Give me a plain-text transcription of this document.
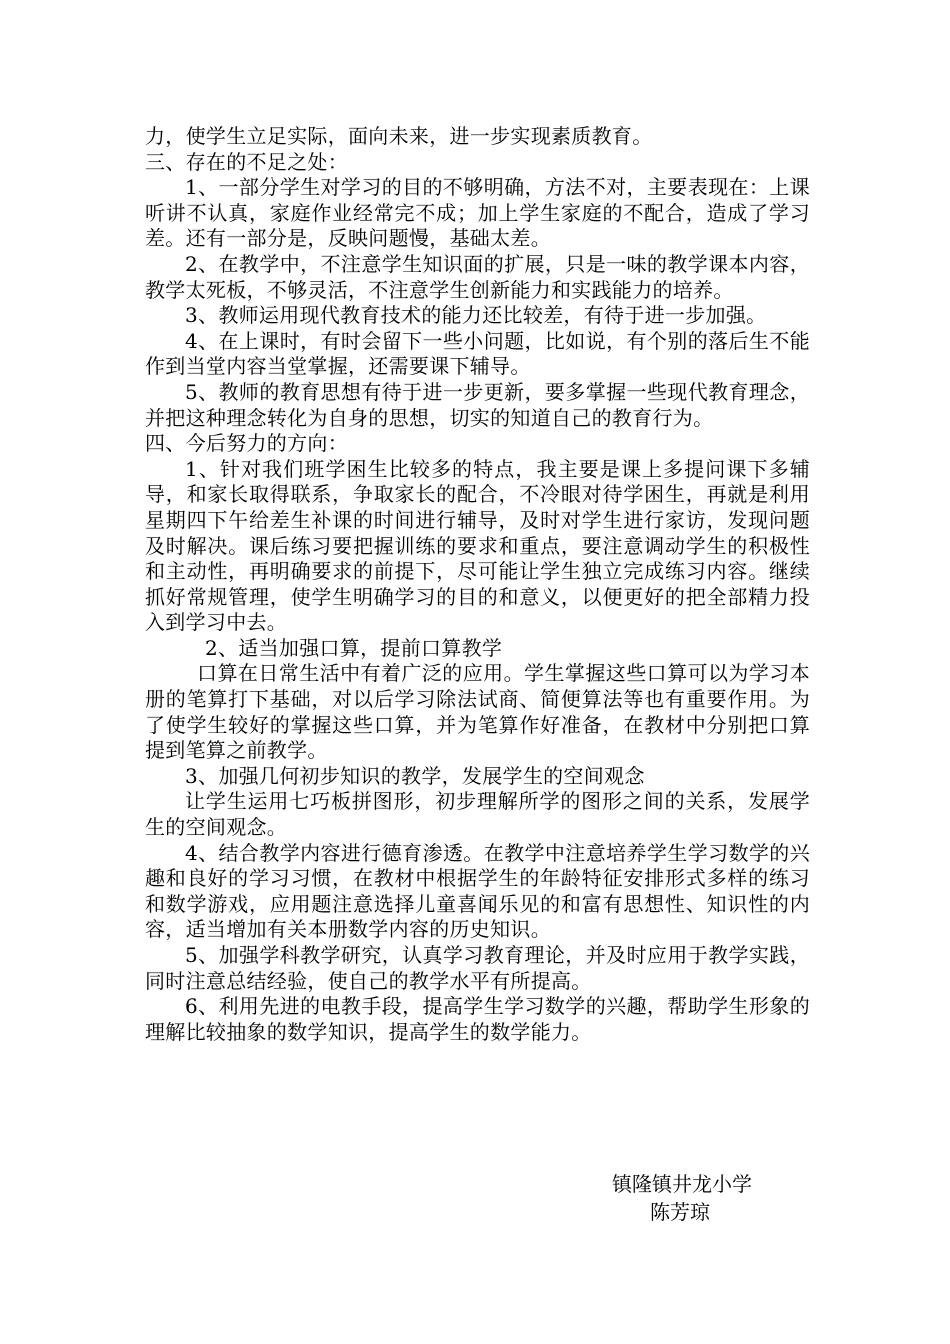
力，使学生立足实际，面向未来，进一步实现素质教育。

三、存在的不足之处：

1、一部分学生对学习的目的不够明确，方法不对，主要表现在：上课听讲不认真，家庭作业经常完不成；加上学生家庭的不配合，造成了学习差。还有一部分是，反映问题慢，基础太差。

2、在教学中，不注意学生知识面的扩展，只是一味的教学课本内容，教学太死板，不够灵活，不注意学生创新能力和实践能力的培养。

3、教师运用现代教育技术的能力还比较差，有待于进一步加强。

4、在上课时，有时会留下一些小问题，比如说，有个别的落后生不能作到当堂内容当堂掌握，还需要课下辅导。

5、教师的教育思想有待于进一步更新，要多掌握一些现代教育理念，并把这种理念转化为自身的思想，切实的知道自己的教育行为。

四、今后努力的方向：

1、针对我们班学困生比较多的特点，我主要是课上多提问课下多辅导，和家长取得联系，争取家长的配合，不冷眼对待学困生，再就是利用星期四下午给差生补课的时间进行辅导，及时对学生进行家访，发现问题及时解决。课后练习要把握训练的要求和重点，要注意调动学生的积极性和主动性，再明确要求的前提下，尽可能让学生独立完成练习内容。继续抓好常规管理，使学生明确学习的目的和意义，以便更好的把全部精力投入到学习中去。

2、适当加强口算，提前口算教学

口算在日常生活中有着广泛的应用。学生掌握这些口算可以为学习本册的笔算打下基础，对以后学习除法试商、简便算法等也有重要作用。为了使学生较好的掌握这些口算，并为笔算作好准备，在教材中分别把口算提到笔算之前教学。

3、加强几何初步知识的教学，发展学生的空间观念

让学生运用七巧板拼图形，初步理解所学的图形之间的关系，发展学生的空间观念。

4、结合教学内容进行德育渗透。在教学中注意培养学生学习数学的兴趣和良好的学习习惯，在教材中根据学生的年龄特征安排形式多样的练习和数学游戏，应用题注意选择儿童喜闻乐见的和富有思想性、知识性的内容，适当增加有关本册数学内容的历史知识。

5、加强学科教学研究，认真学习教育理论，并及时应用于教学实践，同时注意总结经验，使自己的教学水平有所提高。

6、利用先进的电教手段，提高学生学习数学的兴趣，帮助学生形象的理解比较抽象的数学知识，提高学生的数学能力。

镇隆镇井龙小学
陈芳琼
